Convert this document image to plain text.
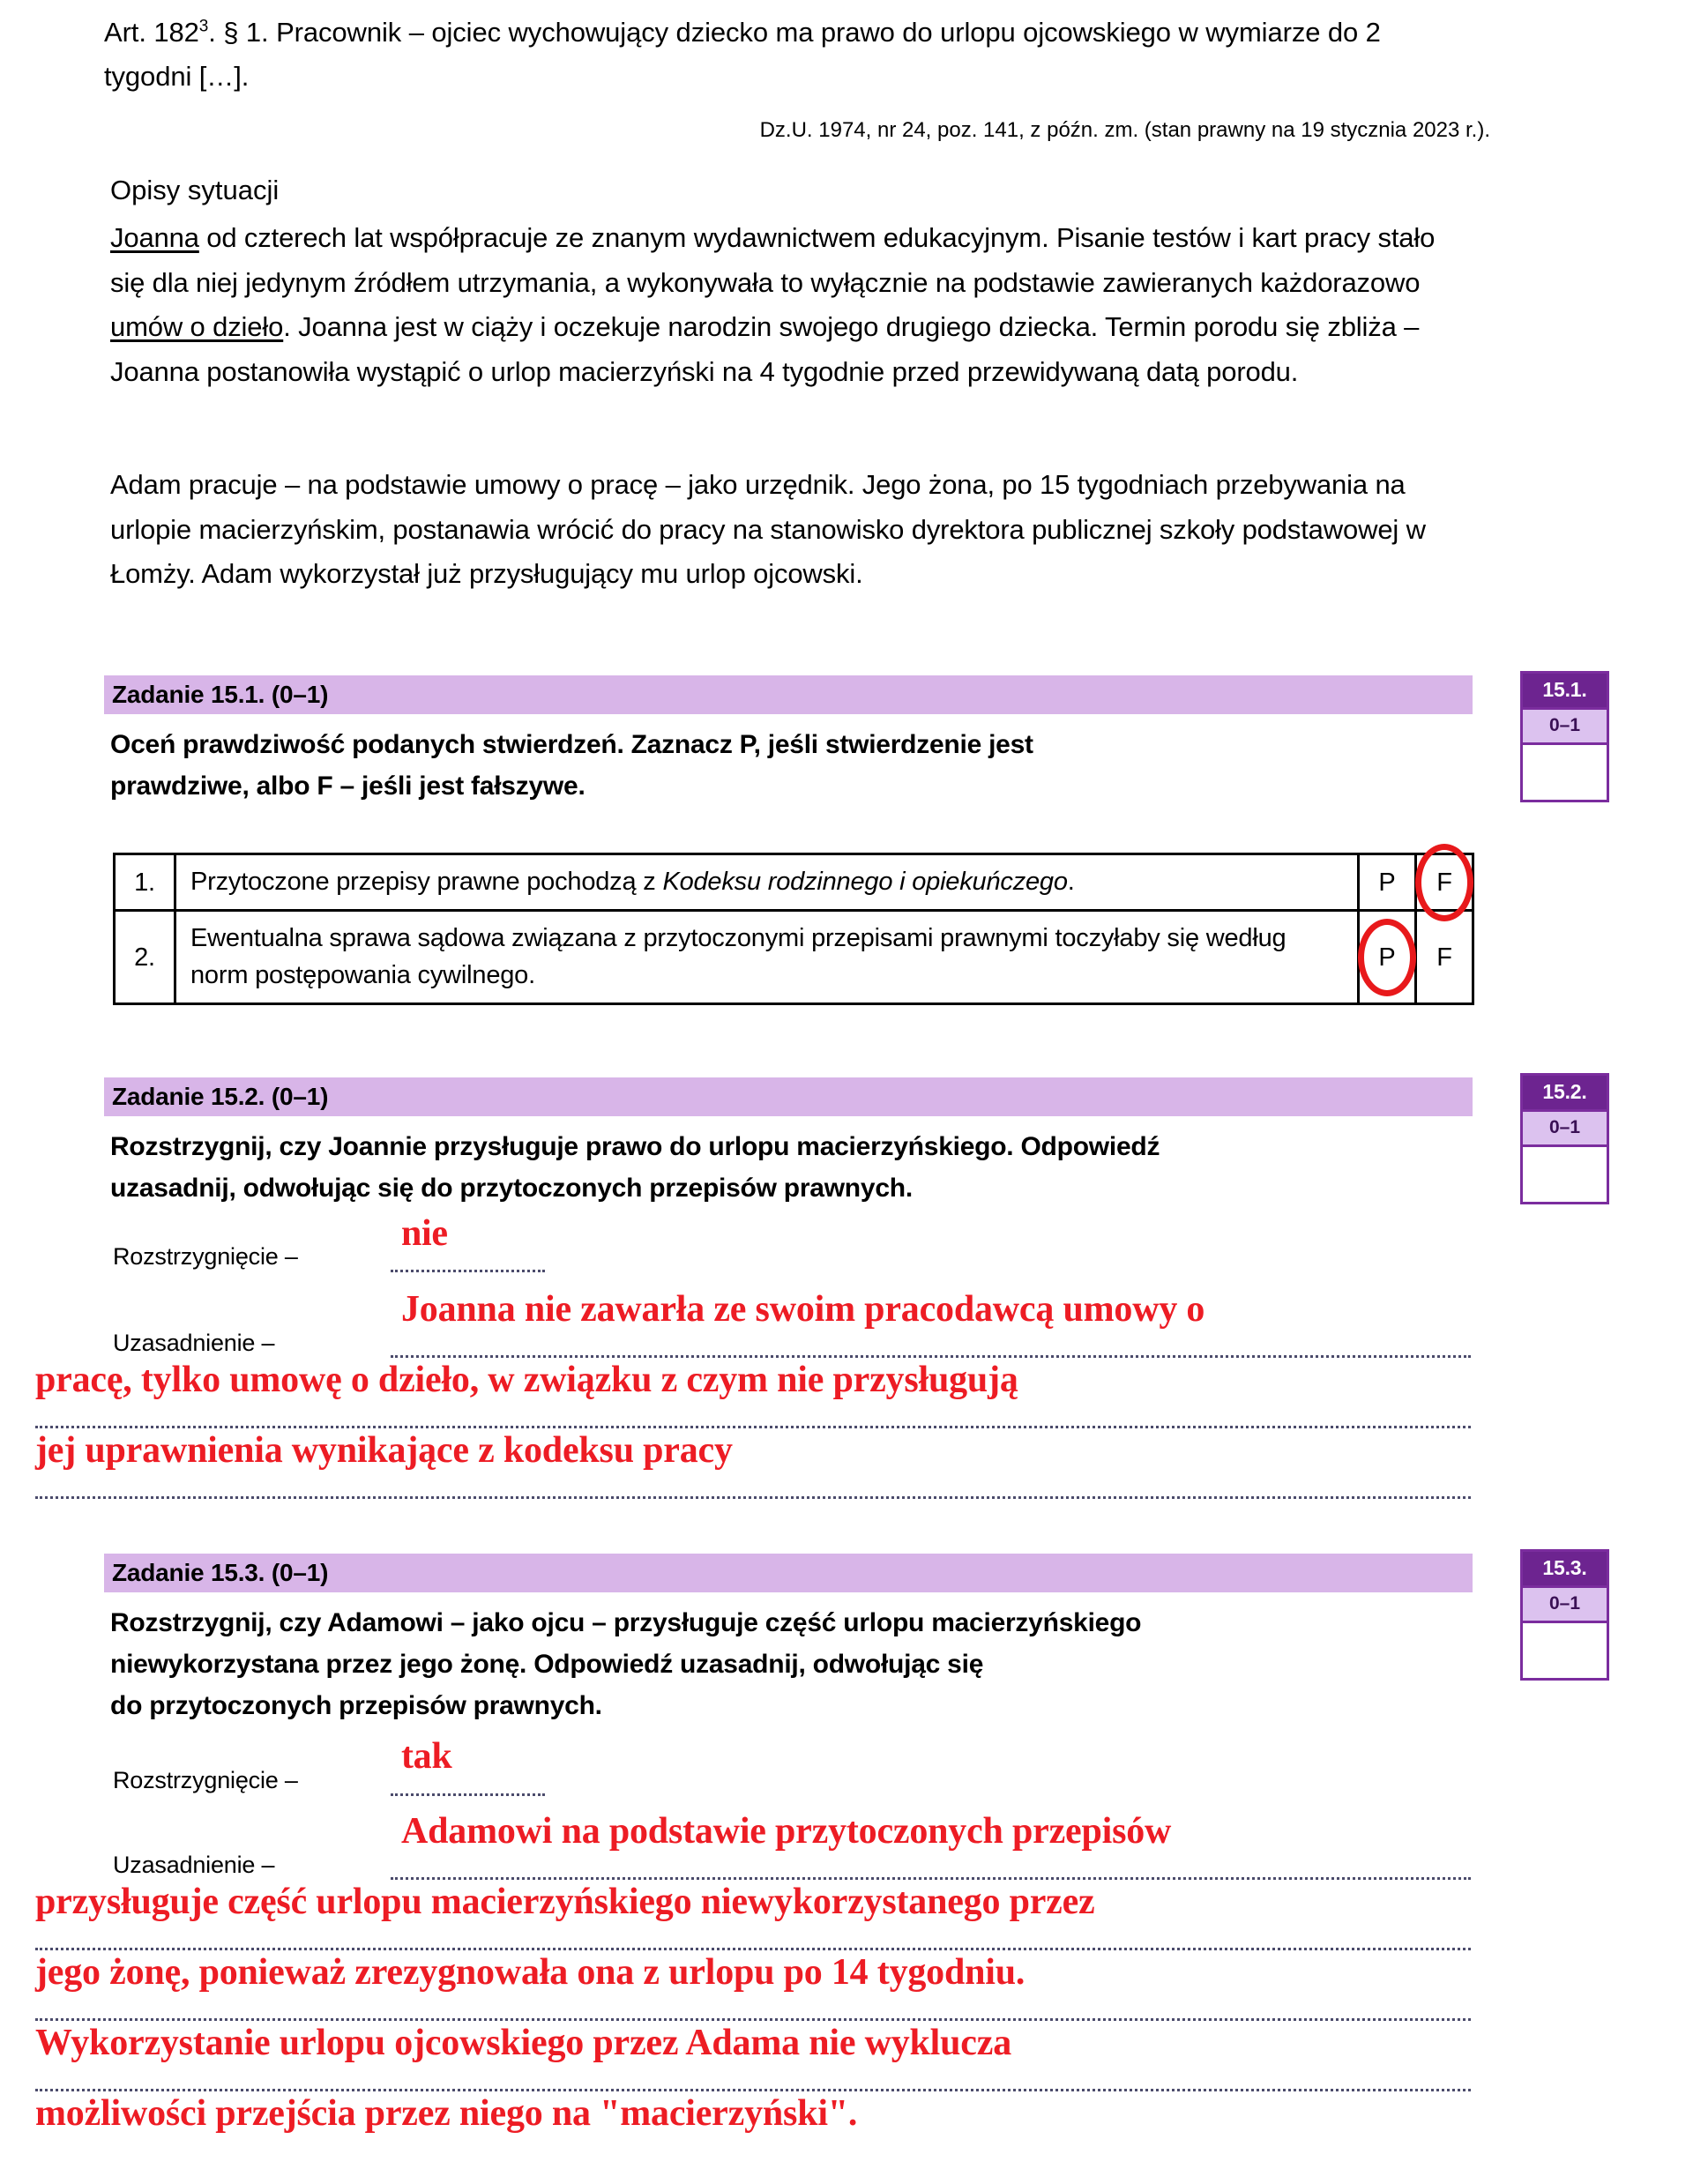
Art. $182^3$. § 1. Pracownik – ojciec wychowujący dziecko ma prawo do urlopu ojcowskiego w wymiarze do 2 tygodni […].
Dz.U. 1974, nr 24, poz. 141, z późn. zm. (stan prawny na 19 stycznia 2023 r.).
Opisy sytuacji
Joanna od czterech lat współpracuje ze znanym wydawnictwem edukacyjnym. Pisanie testów i kart pracy stało się dla niej jedynym źródłem utrzymania, a wykonywała to wyłącznie na podstawie zawieranych każdorazowo umów o dzieło. Joanna jest w ciąży i oczekuje narodzin swojego drugiego dziecka. Termin porodu się zbliża – Joanna postanowiła wystąpić o urlop macierzyński na 4 tygodnie przed przewidywaną datą porodu.
Adam pracuje – na podstawie umowy o pracę – jako urzędnik. Jego żona, po 15 tygodniach przebywania na urlopie macierzyńskim, postanawia wrócić do pracy na stanowisko dyrektora publicznej szkoły podstawowej w Łomży. Adam wykorzystał już przysługujący mu urlop ojcowski.
Zadanie 15.1. (0–1)
Oceń prawdziwość podanych stwierdzeń. Zaznacz P, jeśli stwierdzenie jest
prawdziwe, albo F – jeśli jest fałszywe.
15.1.
0–1
1.	Przytoczone przepisy prawne pochodzą z Kodeksu rodzinnego i opiekuńczego.	P	F
2.	Ewentualna sprawa sądowa związana z przytoczonymi przepisami prawnymi toczyłaby się według norm postępowania cywilnego.	P	F
Zadanie 15.2. (0–1)
Rozstrzygnij, czy Joannie przysługuje prawo do urlopu macierzyńskiego. Odpowiedź
uzasadnij, odwołując się do przytoczonych przepisów prawnych.
15.2.
0–1
Rozstrzygnięcie –
nie
Uzasadnienie –
Joanna nie zawarła ze swoim pracodawcą umowy o
pracę, tylko umowę o dzieło, w związku z czym nie przysługują
jej uprawnienia wynikające z kodeksu pracy
Zadanie 15.3. (0–1)
Rozstrzygnij, czy Adamowi – jako ojcu – przysługuje część urlopu macierzyńskiego
niewykorzystana przez jego żonę. Odpowiedź uzasadnij, odwołując się
do przytoczonych przepisów prawnych.
15.3.
0–1
Rozstrzygnięcie –
tak
Uzasadnienie –
Adamowi na podstawie przytoczonych przepisów
przysługuje część urlopu macierzyńskiego niewykorzystanego przez
jego żonę, ponieważ zrezygnowała ona z urlopu po 14 tygodniu.
Wykorzystanie urlopu ojcowskiego przez Adama nie wyklucza
możliwości przejścia przez niego na "macierzyński".
